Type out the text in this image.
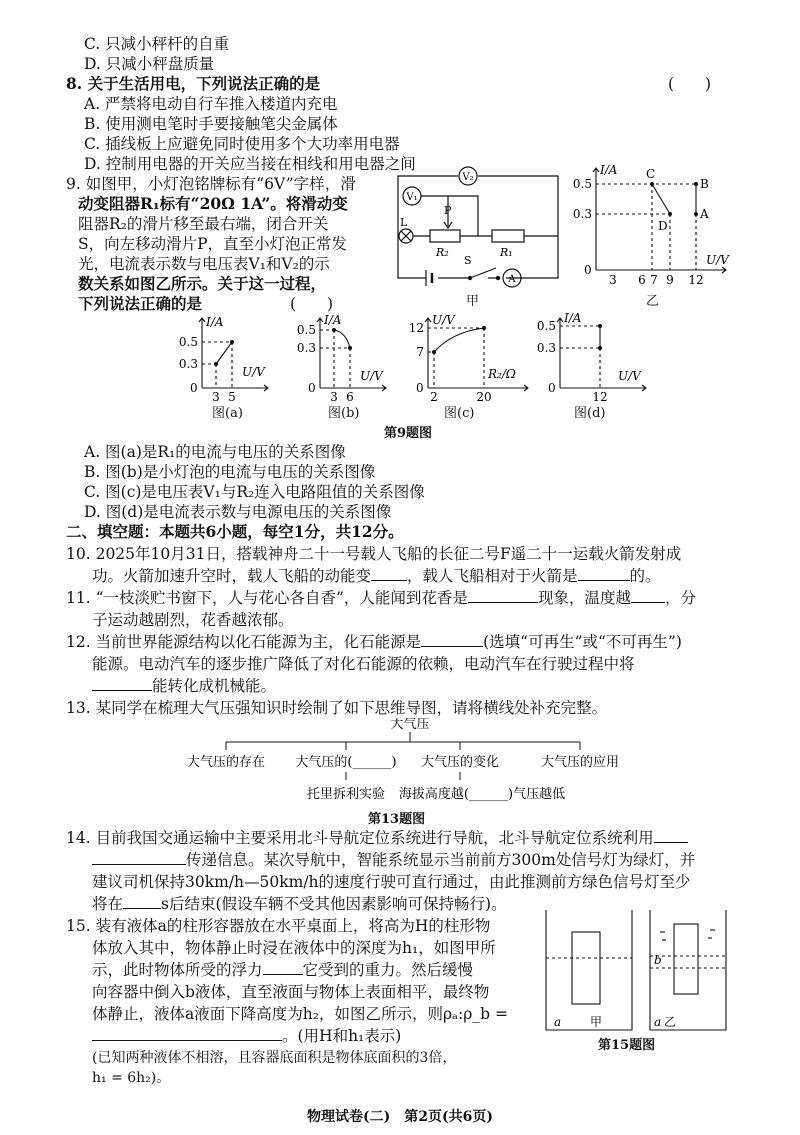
C. 只减小秤杆的自重
D. 只减小秤盘质量
8. 关于生活用电，下列说法正确的是	(　　)
A. 严禁将电动自行车推入楼道内充电
B. 使用测电笔时手要接触笔尖金属体
C. 插线板上应避免同时使用多个大功率用电器
D. 控制用电器的开关应当接在相线和用电器之间
9. 如图甲，小灯泡铭牌标有“6V”字样，滑
动变阻器R₁标有“20Ω 1A”。将滑动变
阻器R₂的滑片移至最右端，闭合开关
S，向左移动滑片P，直至小灯泡正常发
光，电流表示数与电压表V₁和V₂的示
数关系如图乙所示。关于这一过程，
下列说法正确的是	(　　)
V₂
V₁
L
P
R₂	R₁
S
A
甲
I/A
U/V
0.5
0.3
0
3 6 7 9 12
C
B
D
A
乙
I/A
U/V
0.5
0.3
0
3 5
图(a)
I/A
U/V
0.5
0.3
0
3 6
图(b)
U/V
R₂/Ω
12
7
0
2	20
图(c)
I/A
U/V
0.5
0.3
0
12
图(d)
第9题图
A. 图(a)是R₁的电流与电压的关系图像
B. 图(b)是小灯泡的电流与电压的关系图像
C. 图(c)是电压表V₁与R₂连入电路阻值的关系图像
D. 图(d)是电流表示数与电源电压的关系图像
二、填空题：本题共6小题，每空1分，共12分。
10. 2025年10月31日，搭载神舟二十一号载人飞船的长征二号F遥二十一运载火箭发射成
功。火箭加速升空时，载人飞船的动能变 ，载人飞船相对于火箭是	的。
11. “一枝淡贮书窗下，人与花心各自香”，人能闻到花香是	现象，温度越 ，分
子运动越剧烈，花香越浓郁。
12. 当前世界能源结构以化石能源为主，化石能源是	(选填“可再生”或“不可再生”)
能源。电动汽车的逐步推广降低了对化石能源的依赖，电动汽车在行驶过程中将
能转化成机械能。
13. 某同学在梳理大气压强知识时绘制了如下思维导图，请将横线处补充完整。
大气压
大气压的存在 大气压的(______) 大气压的变化	大气压的应用
托里拆利实验 海拔高度越(______)气压越低
第13题图
14. 目前我国交通运输中主要采用北斗导航定位系统进行导航，北斗导航定位系统利用
传递信息。某次导航中，智能系统显示当前前方300m处信号灯为绿灯，并
建议司机保持30km/h—50km/h的速度行驶可直行通过，由此推测前方绿色信号灯至少
将在 s后结束(假设车辆不受其他因素影响可保持畅行)。
15. 装有液体a的柱形容器放在水平桌面上，将高为H的柱形物
体放入其中，物体静止时浸在液体中的深度为h₁，如图甲所
示，此时物体所受的浮力	它受到的重力。然后缓慢
向容器中倒入b液体，直至液面与物体上表面相平，最终物
体静止，液体a液面下降高度为h₂，如图乙所示，则ρₐ:ρ_b =
。(用H和h₁表示)
(已知两种液体不相溶，且容器底面积是物体底面积的3倍，
h₁ = 6h₂)。
a 甲	a 乙
b
第15题图
物理试卷(二)　第2页(共6页)
